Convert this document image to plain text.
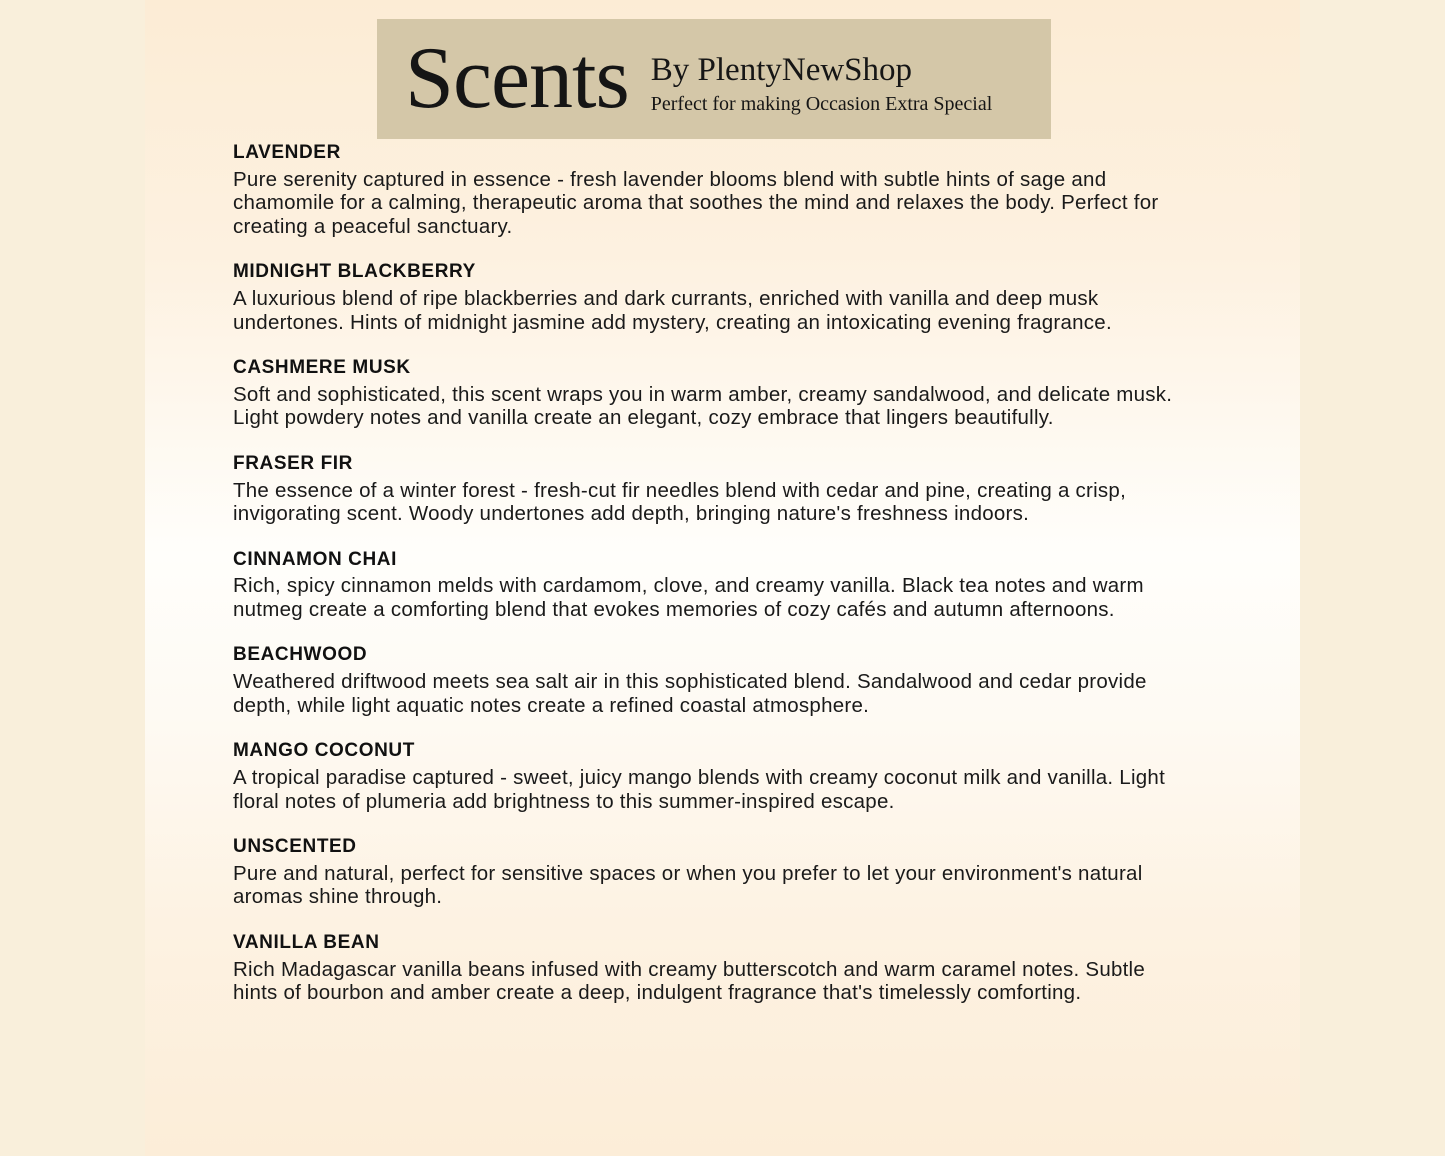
Scents By PlentyNewShop
Perfect for making Occasion Extra Special
LAVENDER

Pure serenity captured in essence - fresh lavender blooms blend with subtle hints of sage and chamomile for a calming, therapeutic aroma that soothes the mind and relaxes the body. Perfect for creating a peaceful sanctuary.

MIDNIGHT BLACKBERRY

A luxurious blend of ripe blackberries and dark currants, enriched with vanilla and deep musk undertones. Hints of midnight jasmine add mystery, creating an intoxicating evening fragrance.

CASHMERE MUSK

Soft and sophisticated, this scent wraps you in warm amber, creamy sandalwood, and delicate musk. Light powdery notes and vanilla create an elegant, cozy embrace that lingers beautifully.

FRASER FIR

The essence of a winter forest - fresh-cut fir needles blend with cedar and pine, creating a crisp, invigorating scent. Woody undertones add depth, bringing nature's freshness indoors.

CINNAMON CHAI

Rich, spicy cinnamon melds with cardamom, clove, and creamy vanilla. Black tea notes and warm nutmeg create a comforting blend that evokes memories of cozy cafés and autumn afternoons.

BEACHWOOD

Weathered driftwood meets sea salt air in this sophisticated blend. Sandalwood and cedar provide depth, while light aquatic notes create a refined coastal atmosphere.

MANGO COCONUT

A tropical paradise captured - sweet, juicy mango blends with creamy coconut milk and vanilla. Light floral notes of plumeria add brightness to this summer-inspired escape.

UNSCENTED

Pure and natural, perfect for sensitive spaces or when you prefer to let your environment's natural aromas shine through.

VANILLA BEAN

Rich Madagascar vanilla beans infused with creamy butterscotch and warm caramel notes. Subtle hints of bourbon and amber create a deep, indulgent fragrance that's timelessly comforting.
